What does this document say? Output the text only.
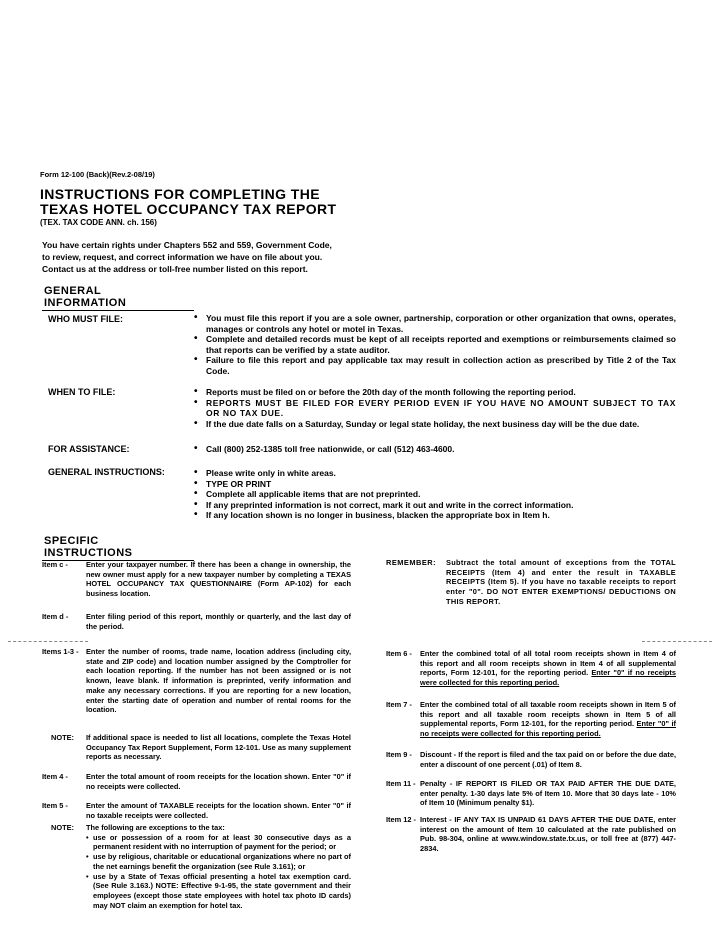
Form 12-100 (Back)(Rev.2-08/19)
INSTRUCTIONS FOR COMPLETING THE
TEXAS HOTEL OCCUPANCY TAX REPORT
(TEX. TAX CODE ANN. ch. 156)
You have certain rights under Chapters 552 and 559, Government Code,
to review, request, and correct information we have on file about you.
Contact us at the address or toll-free number listed on this report.
GENERAL INFORMATION
WHO MUST FILE:	• You must file this report if you are a sole owner, partnership, corporation or other organization that owns, operates, manages or controls any hotel or motel in Texas.
• Complete and detailed records must be kept of all receipts reported and exemptions or reimbursements claimed so that reports can be verified by a state auditor.
• Failure to file this report and pay applicable tax may result in collection action as prescribed by Title 2 of the Tax Code.
WHEN TO FILE:	• Reports must be filed on or before the 20th day of the month following the reporting period.
• REPORTS MUST BE FILED FOR EVERY PERIOD EVEN IF YOU HAVE NO AMOUNT SUBJECT TO TAX OR NO TAX DUE.
• If the due date falls on a Saturday, Sunday or legal state holiday, the next business day will be the due date.
FOR ASSISTANCE:	• Call (800) 252-1385 toll free nationwide, or call (512) 463-4600.
GENERAL INSTRUCTIONS:	• Please write only in white areas.
• TYPE OR PRINT
• Complete all applicable items that are not preprinted.
• If any preprinted information is not correct, mark it out and write in the correct information.
• If any location shown is no longer in business, blacken the appropriate box in Item h.
SPECIFIC INSTRUCTIONS
Item c - Enter your taxpayer number. If there has been a change in ownership, the new owner must apply for a new taxpayer number by completing a TEXAS HOTEL OCCUPANCY TAX QUESTIONNAIRE (Form AP-102) for each business location.
Item d - Enter filing period of this report, monthly or quarterly, and the last day of the period.
Items 1-3 - Enter the number of rooms, trade name, location address (including city, state and ZIP code) and location number assigned by the Comptroller for each location reporting. If the number has not been assigned or is not known, leave blank. If information is preprinted, verify information and make any necessary corrections. If you are reporting for a new location, enter the starting date of operation and number of rental rooms for the location.
NOTE: If additional space is needed to list all locations, complete the Texas Hotel Occupancy Tax Report Supplement, Form 12-101. Use as many supplement reports as necessary.
Item 4 - Enter the total amount of room receipts for the location shown. Enter "0" if no receipts were collected.
Item 5 - Enter the amount of TAXABLE receipts for the location shown. Enter "0" if no taxable receipts were collected.
NOTE: The following are exceptions to the tax:
• use or possession of a room for at least 30 consecutive days as a permanent resident with no interruption of payment for the period; or
• use by religious, charitable or educational organizations where no part of the net earnings benefit the organization (see Rule 3.161); or
• use by a State of Texas official presenting a hotel tax exemption card. (See Rule 3.163.) NOTE: Effective 9-1-95, the state government and their employees (except those state employees with hotel tax photo ID cards) may NOT claim an exemption for hotel tax.
REMEMBER: Subtract the total amount of exceptions from the TOTAL RECEIPTS (Item 4) and enter the result in TAXABLE RECEIPTS (Item 5). If you have no taxable receipts to report enter "0". DO NOT ENTER EXEMPTIONS/ DEDUCTIONS ON THIS REPORT.
Item 6 - Enter the combined total of all total room receipts shown in Item 4 of this report and all room receipts shown in Item 4 of all supplemental reports, Form 12-101, for the reporting period. Enter "0" if no receipts were collected for this reporting period.
Item 7 - Enter the combined total of all taxable room receipts shown in Item 5 of this report and all taxable room receipts shown in Item 5 of all supplemental reports, Form 12-101, for the reporting period. Enter "0" if no receipts were collected for this reporting period.
Item 9 - Discount - If the report is filed and the tax paid on or before the due date, enter a discount of one percent (.01) of Item 8.
Item 11 - Penalty - IF REPORT IS FILED OR TAX PAID AFTER THE DUE DATE, enter penalty. 1-30 days late 5% of Item 10. More that 30 days late - 10% of Item 10 (Minimum penalty $1).
Item 12 - Interest - IF ANY TAX IS UNPAID 61 DAYS AFTER THE DUE DATE, enter interest on the amount of Item 10 calculated at the rate published on Pub. 98-304, online at www.window.state.tx.us, or toll free at (877) 447-2834.
